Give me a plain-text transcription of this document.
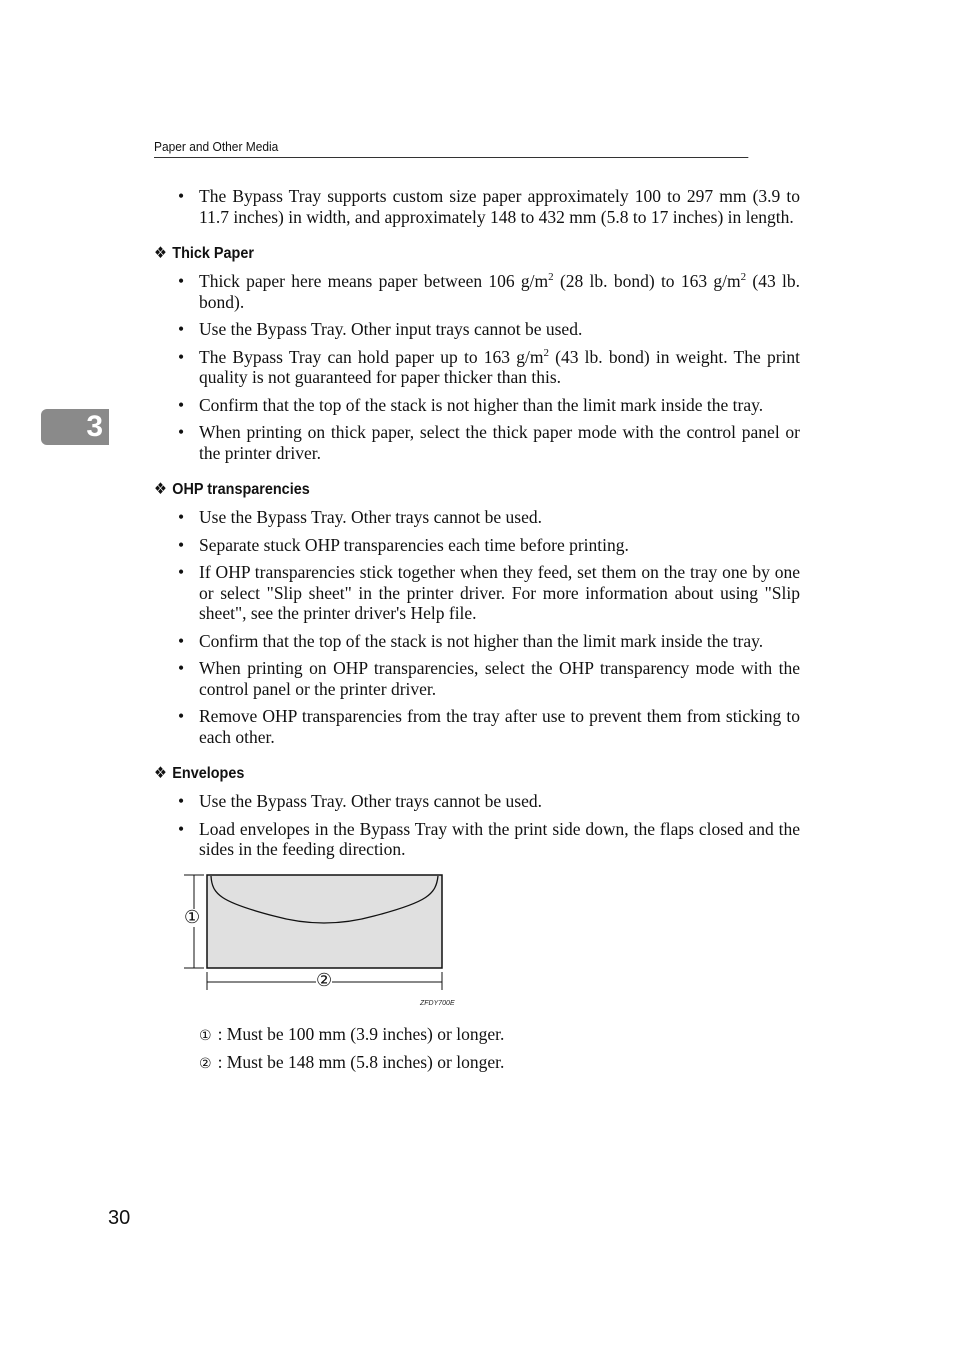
Paper and Other Media
3
• The Bypass Tray supports custom size paper approximately 100 to 297 mm (3.9 to 11.7 inches) in width, and approximately 148 to 432 mm (5.8 to 17 inches) in length.
❖ Thick Paper
• Thick paper here means paper between 106 $g/m^2$ (28 lb. bond) to 163 $g/m^2$ (43 lb. bond).
• Use the Bypass Tray. Other input trays cannot be used.
• The Bypass Tray can hold paper up to 163 $g/m^2$ (43 lb. bond) in weight. The print quality is not guaranteed for paper thicker than this.
• Confirm that the top of the stack is not higher than the limit mark inside the tray.
• When printing on thick paper, select the thick paper mode with the control panel or the printer driver.
❖ OHP transparencies
• Use the Bypass Tray. Other trays cannot be used.
• Separate stuck OHP transparencies each time before printing.
• If OHP transparencies stick together when they feed, set them on the tray one by one or select "Slip sheet" in the printer driver. For more information about using "Slip sheet", see the printer driver's Help file.
• Confirm that the top of the stack is not higher than the limit mark inside the tray.
• When printing on OHP transparencies, select the OHP transparency mode with the control panel or the printer driver.
• Remove OHP transparencies from the tray after use to prevent them from sticking to each other.
❖ Envelopes
• Use the Bypass Tray. Other trays cannot be used.
• Load envelopes in the Bypass Tray with the print side down, the flaps closed and the sides in the feeding direction.
①
②
ZFDY700E
① : Must be 100 mm (3.9 inches) or longer.
② : Must be 148 mm (5.8 inches) or longer.
30
